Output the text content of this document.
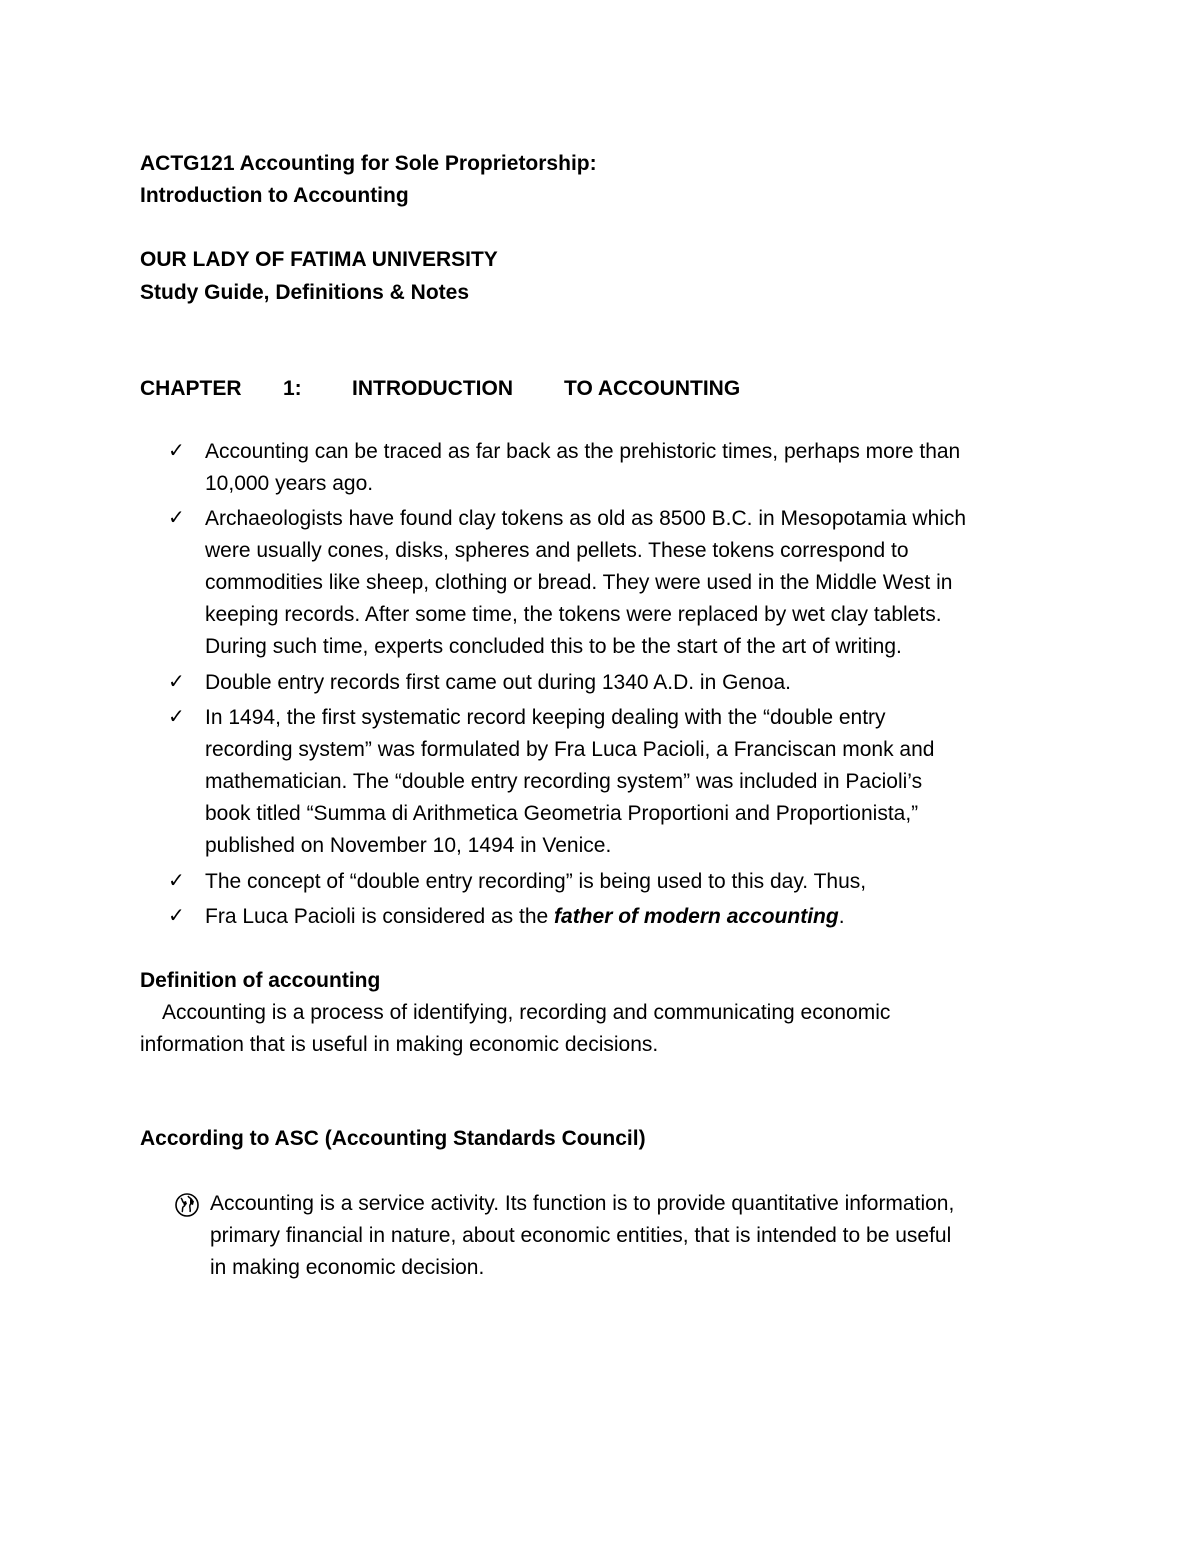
ACTG121 Accounting for Sole Proprietorship:
Introduction to Accounting
OUR LADY OF FATIMA UNIVERSITY
Study Guide, Definitions & Notes
CHAPTER 1: INTRODUCTION TO ACCOUNTING
✓ Accounting can be traced as far back as the prehistoric times, perhaps more than
10,000 years ago.
✓ Archaeologists have found clay tokens as old as 8500 B.C. in Mesopotamia which
were usually cones, disks, spheres and pellets. These tokens correspond to
commodities like sheep, clothing or bread. They were used in the Middle West in
keeping records. After some time, the tokens were replaced by wet clay tablets.
During such time, experts concluded this to be the start of the art of writing.
✓ Double entry records first came out during 1340 A.D. in Genoa.
✓ In 1494, the first systematic record keeping dealing with the “double entry
recording system” was formulated by Fra Luca Pacioli, a Franciscan monk and
mathematician. The “double entry recording system” was included in Pacioli’s
book titled “Summa di Arithmetica Geometria Proportioni and Proportionista,”
published on November 10, 1494 in Venice.
✓ The concept of “double entry recording” is being used to this day. Thus,
✓ Fra Luca Pacioli is considered as the father of modern accounting.
Definition of accounting
Accounting is a process of identifying, recording and communicating economic
information that is useful in making economic decisions.
According to ASC (Accounting Standards Council)
Accounting is a service activity. Its function is to provide quantitative information,
primary financial in nature, about economic entities, that is intended to be useful
in making economic decision.
